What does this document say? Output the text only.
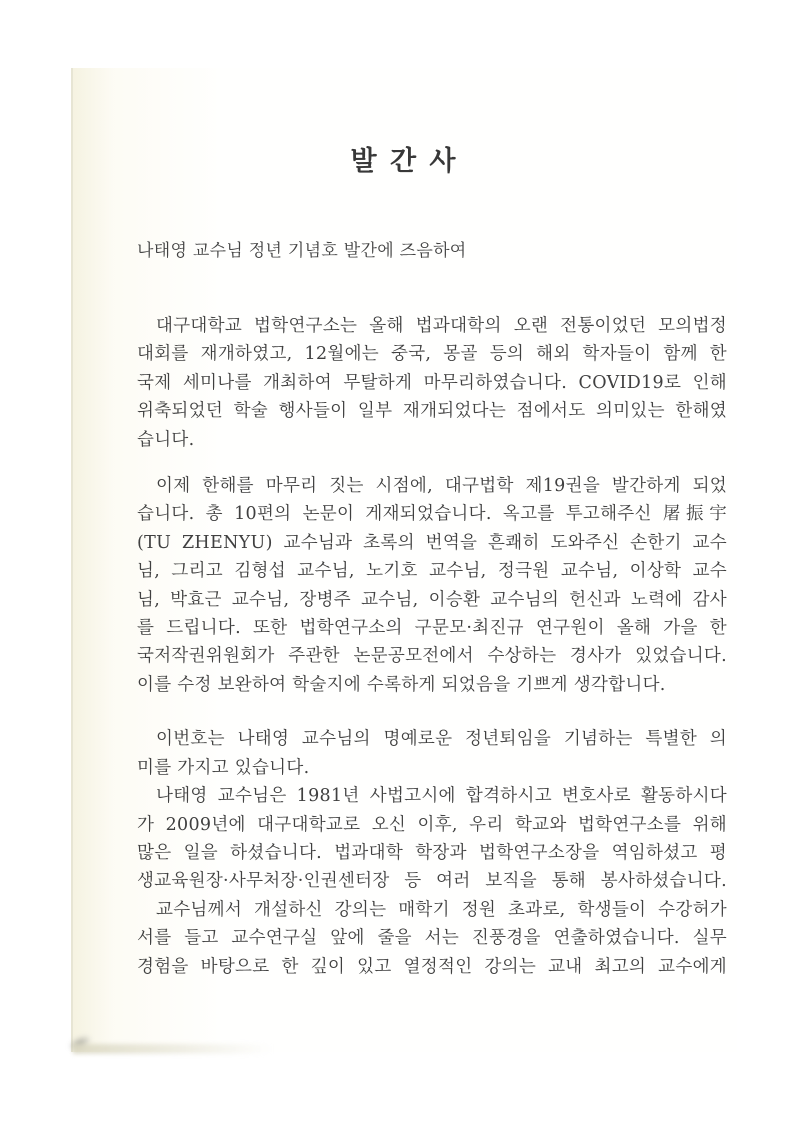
발 간 사
나태영 교수님 정년 기념호 발간에 즈음하여
대구대학교 법학연구소는 올해 법과대학의 오랜 전통이었던 모의법정
대회를 재개하였고, 12월에는 중국, 몽골 등의 해외 학자들이 함께 한
국제 세미나를 개최하여 무탈하게 마무리하였습니다. COVID19로 인해
위축되었던 학술 행사들이 일부 재개되었다는 점에서도 의미있는 한해였
습니다.
이제 한해를 마무리 짓는 시점에, 대구법학 제19권을 발간하게 되었
습니다. 총 10편의 논문이 게재되었습니다. 옥고를 투고해주신 屠振宇
(TU ZHENYU) 교수님과 초록의 번역을 흔쾌히 도와주신 손한기 교수
님, 그리고 김형섭 교수님, 노기호 교수님, 정극원 교수님, 이상학 교수
님, 박효근 교수님, 장병주 교수님, 이승환 교수님의 헌신과 노력에 감사
를 드립니다. 또한 법학연구소의 구문모·최진규 연구원이 올해 가을 한
국저작권위원회가 주관한 논문공모전에서 수상하는 경사가 있었습니다.
이를 수정 보완하여 학술지에 수록하게 되었음을 기쁘게 생각합니다.
이번호는 나태영 교수님의 명예로운 정년퇴임을 기념하는 특별한 의
미를 가지고 있습니다.
나태영 교수님은 1981년 사법고시에 합격하시고 변호사로 활동하시다
가 2009년에 대구대학교로 오신 이후, 우리 학교와 법학연구소를 위해
많은 일을 하셨습니다. 법과대학 학장과 법학연구소장을 역임하셨고 평
생교육원장·사무처장·인권센터장 등 여러 보직을 통해 봉사하셨습니다.
교수님께서 개설하신 강의는 매학기 정원 초과로, 학생들이 수강허가
서를 들고 교수연구실 앞에 줄을 서는 진풍경을 연출하였습니다. 실무
경험을 바탕으로 한 깊이 있고 열정적인 강의는 교내 최고의 교수에게
